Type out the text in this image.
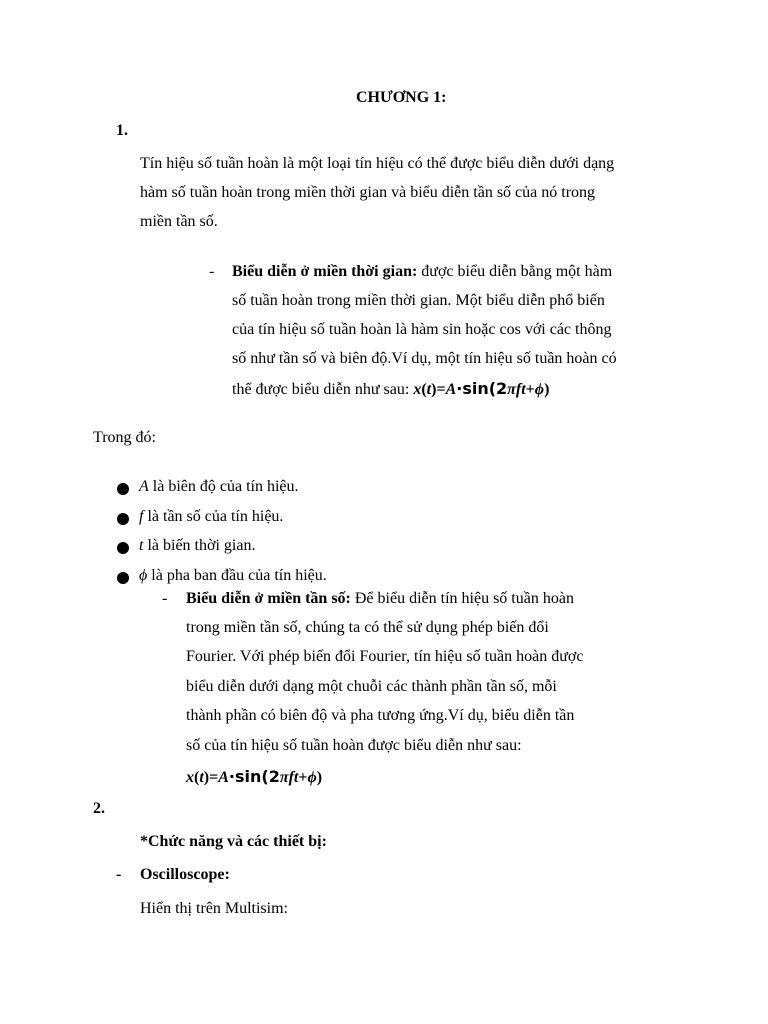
CHƯƠNG 1:
1.
Tín hiệu số tuần hoàn là một loại tín hiệu có thể được biểu diễn dưới dạng
hàm số tuần hoàn trong miền thời gian và biểu diễn tần số của nó trong
miền tần số.
- Biểu diễn ở miền thời gian: được biểu diễn bằng một hàm
số tuần hoàn trong miền thời gian. Một biểu diễn phổ biến
của tín hiệu số tuần hoàn là hàm sin hoặc cos với các thông
số như tần số và biên độ.Ví dụ, một tín hiệu số tuần hoàn có
thể được biểu diễn như sau: x(t)=A·sin(2πft+ϕ)
Trong đó:
A là biên độ của tín hiệu.
f là tần số của tín hiệu.
t là biến thời gian.
ϕ là pha ban đầu của tín hiệu.
- Biểu diễn ở miền tần số: Để biểu diễn tín hiệu số tuần hoàn
trong miền tần số, chúng ta có thể sử dụng phép biến đổi
Fourier. Với phép biến đổi Fourier, tín hiệu số tuần hoàn được
biểu diễn dưới dạng một chuỗi các thành phần tần số, mỗi
thành phần có biên độ và pha tương ứng.Ví dụ, biểu diễn tần
số của tín hiệu số tuần hoàn được biểu diễn như sau:
x(t)=A·sin(2πft+ϕ)
2.
*Chức năng và các thiết bị:
- Oscilloscope:
Hiển thị trên Multisim:
